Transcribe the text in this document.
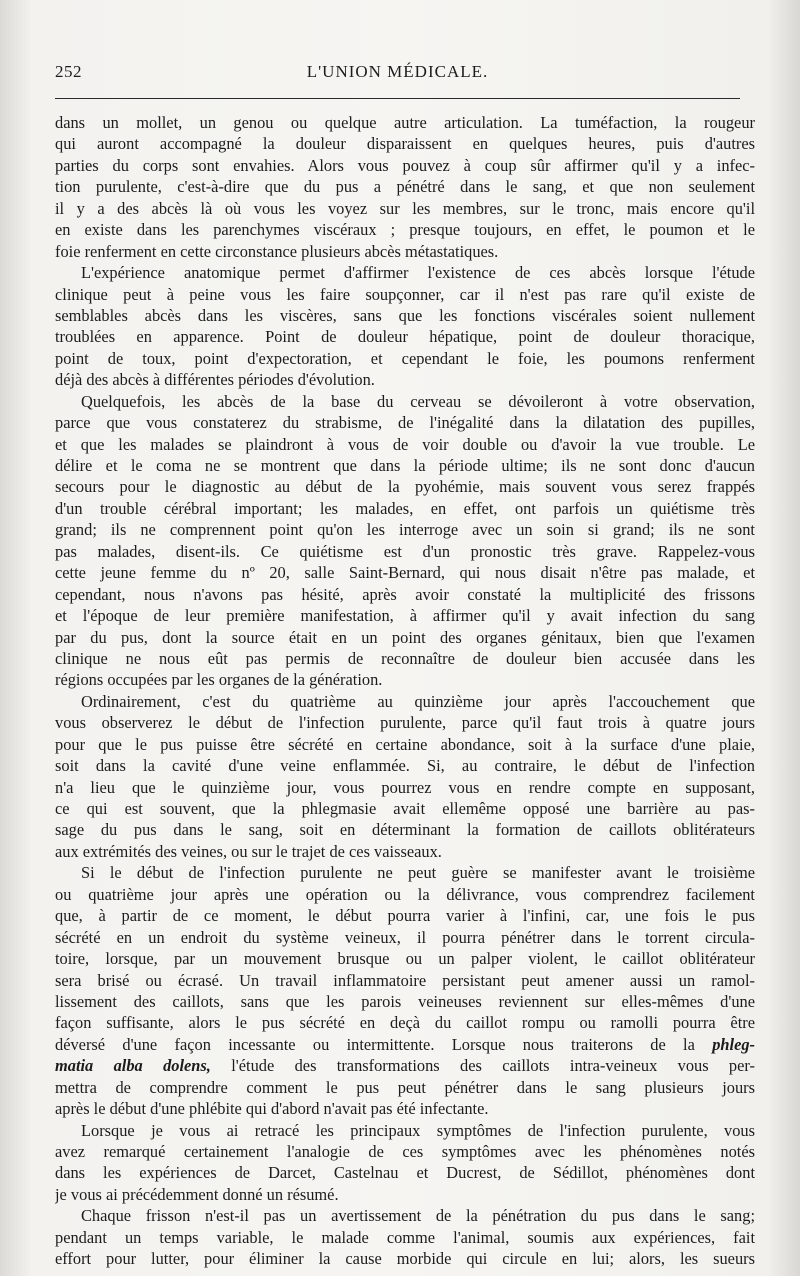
252	L'UNION MÉDICALE.
dans un mollet, un genou ou quelque autre articulation. La tuméfaction, la rougeur
qui auront accompagné la douleur disparaissent en quelques heures, puis d'autres
parties du corps sont envahies. Alors vous pouvez à coup sûr affirmer qu'il y a infec-
tion purulente, c'est-à-dire que du pus a pénétré dans le sang, et que non seulement
il y a des abcès là où vous les voyez sur les membres, sur le tronc, mais encore qu'il
en existe dans les parenchymes viscéraux ; presque toujours, en effet, le poumon et le
foie renferment en cette circonstance plusieurs abcès métastatiques.
L'expérience anatomique permet d'affirmer l'existence de ces abcès lorsque l'étude
clinique peut à peine vous les faire soupçonner, car il n'est pas rare qu'il existe de
semblables abcès dans les viscères, sans que les fonctions viscérales soient nullement
troublées en apparence. Point de douleur hépatique, point de douleur thoracique,
point de toux, point d'expectoration, et cependant le foie, les poumons renferment
déjà des abcès à différentes périodes d'évolution.
Quelquefois, les abcès de la base du cerveau se dévoileront à votre observation,
parce que vous constaterez du strabisme, de l'inégalité dans la dilatation des pupilles,
et que les malades se plaindront à vous de voir double ou d'avoir la vue trouble. Le
délire et le coma ne se montrent que dans la période ultime; ils ne sont donc d'aucun
secours pour le diagnostic au début de la pyohémie, mais souvent vous serez frappés
d'un trouble cérébral important; les malades, en effet, ont parfois un quiétisme très
grand; ils ne comprennent point qu'on les interroge avec un soin si grand; ils ne sont
pas malades, disent-ils. Ce quiétisme est d'un pronostic très grave. Rappelez-vous
cette jeune femme du nº 20, salle Saint-Bernard, qui nous disait n'être pas malade, et
cependant, nous n'avons pas hésité, après avoir constaté la multiplicité des frissons
et l'époque de leur première manifestation, à affirmer qu'il y avait infection du sang
par du pus, dont la source était en un point des organes génitaux, bien que l'examen
clinique ne nous eût pas permis de reconnaître de douleur bien accusée dans les
régions occupées par les organes de la génération.
Ordinairement, c'est du quatrième au quinzième jour après l'accouchement que
vous observerez le début de l'infection purulente, parce qu'il faut trois à quatre jours
pour que le pus puisse être sécrété en certaine abondance, soit à la surface d'une plaie,
soit dans la cavité d'une veine enflammée. Si, au contraire, le début de l'infection
n'a lieu que le quinzième jour, vous pourrez vous en rendre compte en supposant,
ce qui est souvent, que la phlegmasie avait ellemême opposé une barrière au pas-
sage du pus dans le sang, soit en déterminant la formation de caillots oblitérateurs
aux extrémités des veines, ou sur le trajet de ces vaisseaux.
Si le début de l'infection purulente ne peut guère se manifester avant le troisième
ou quatrième jour après une opération ou la délivrance, vous comprendrez facilement
que, à partir de ce moment, le début pourra varier à l'infini, car, une fois le pus
sécrété en un endroit du système veineux, il pourra pénétrer dans le torrent circula-
toire, lorsque, par un mouvement brusque ou un palper violent, le caillot oblitérateur
sera brisé ou écrasé. Un travail inflammatoire persistant peut amener aussi un ramol-
lissement des caillots, sans que les parois veineuses reviennent sur elles-mêmes d'une
façon suffisante, alors le pus sécrété en deçà du caillot rompu ou ramolli pourra être
déversé d'une façon incessante ou intermittente. Lorsque nous traiterons de la phleg-
matia alba dolens, l'étude des transformations des caillots intra-veineux vous per-
mettra de comprendre comment le pus peut pénétrer dans le sang plusieurs jours
après le début d'une phlébite qui d'abord n'avait pas été infectante.
Lorsque je vous ai retracé les principaux symptômes de l'infection purulente, vous
avez remarqué certainement l'analogie de ces symptômes avec les phénomènes notés
dans les expériences de Darcet, Castelnau et Ducrest, de Sédillot, phénomènes dont
je vous ai précédemment donné un résumé.
Chaque frisson n'est-il pas un avertissement de la pénétration du pus dans le sang;
pendant un temps variable, le malade comme l'animal, soumis aux expériences, fait
effort pour lutter, pour éliminer la cause morbide qui circule en lui; alors, les sueurs
